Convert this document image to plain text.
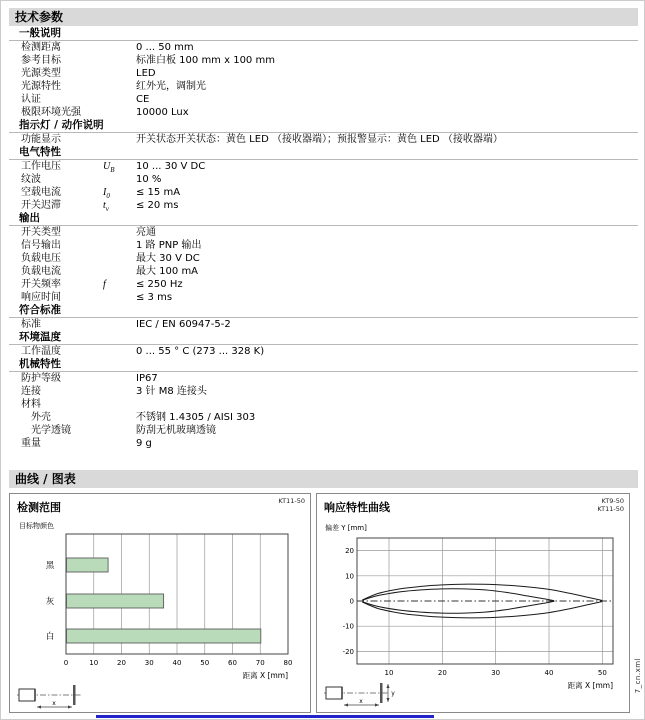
技术参数
一般说明
检测距离	0 ... 50 mm
参考目标	标准白板 100 mm x 100 mm
光源类型	LED
光源特性	红外光，调制光
认证	CE
极限环境光强	10000 Lux
指示灯 / 动作说明
功能显示	开关状态开关状态：黄色 LED （接收器端）；预报警显示：黄色 LED （接收器端）
电气特性
工作电压	$U_B$	10 ... 30 V DC
纹波	10 %
空载电流	$I_0$	≤ 15 mA
开关迟滞	$t_v$	≤ 20 ms
输出
开关类型	亮通
信号输出	1 路 PNP 输出
负载电压	最大 30 V DC
负载电流	最大 100 mA
开关频率	f	≤ 250 Hz
响应时间	≤ 3 ms
符合标准
标准	IEC / EN 60947-5-2
环境温度
工作温度	0 ... 55 ° C (273 ... 328 K)
机械特性
防护等级	IP67
连接	3 针 M8 连接头
材料
外壳	不锈钢 1.4305 / AISI 303
光学透镜	防刮无机玻璃透镜
重量	9 g
曲线 / 图表
检测范围	KT11-50
目标物颜色
黑
灰
白
0	10	20	30	40	50	60	70	80
距离 X [mm]
x
响应特性曲线	KT9-50
KT11-50
20
10
0
-10
-20
10	20	30	40	50
偏差 Y [mm]
距离 X [mm]
x
y
7_cn.xml
